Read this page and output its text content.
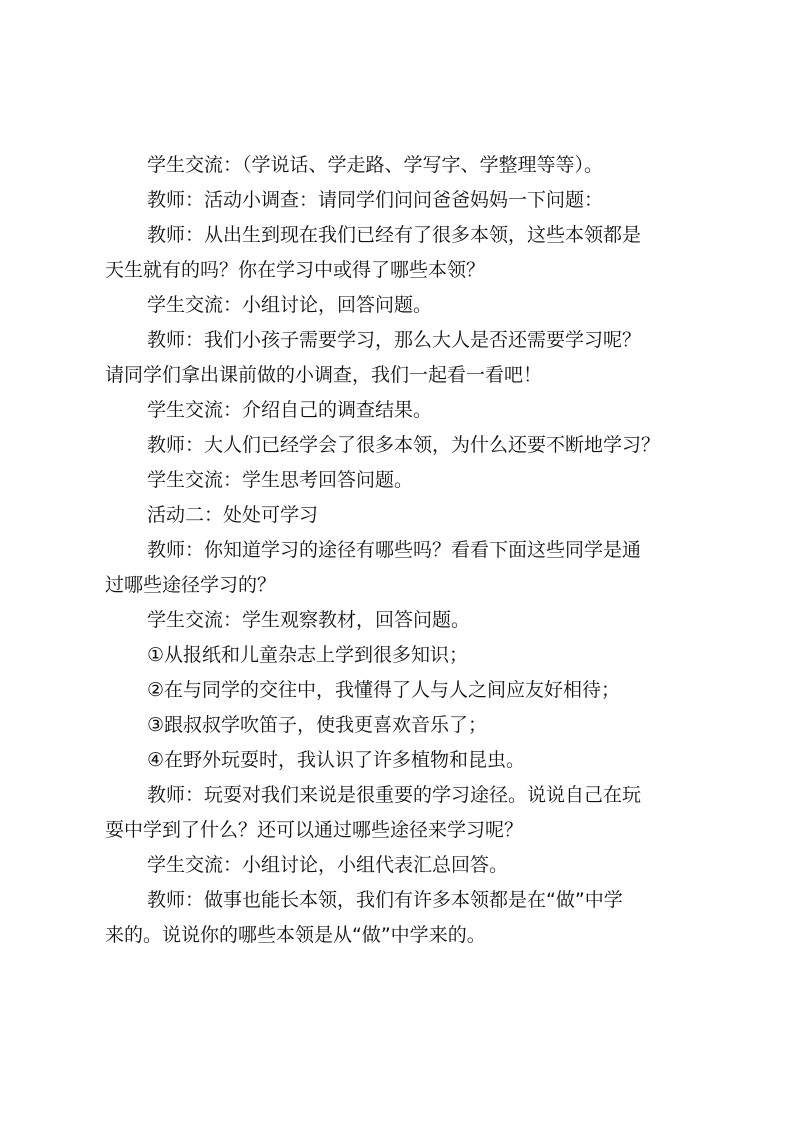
学生交流：（学说话、学走路、学写字、学整理等等）。
教师：活动小调查：请同学们问问爸爸妈妈一下问题：
教师：从出生到现在我们已经有了很多本领，这些本领都是
天生就有的吗？你在学习中或得了哪些本领？
学生交流：小组讨论，回答问题。
教师：我们小孩子需要学习，那么大人是否还需要学习呢？
请同学们拿出课前做的小调查，我们一起看一看吧！
学生交流：介绍自己的调查结果。
教师：大人们已经学会了很多本领，为什么还要不断地学习？
学生交流：学生思考回答问题。
活动二：处处可学习
教师：你知道学习的途径有哪些吗？看看下面这些同学是通
过哪些途径学习的？
学生交流：学生观察教材，回答问题。
①从报纸和儿童杂志上学到很多知识；
②在与同学的交往中，我懂得了人与人之间应友好相待；
③跟叔叔学吹笛子，使我更喜欢音乐了；
④在野外玩耍时，我认识了许多植物和昆虫。
教师：玩耍对我们来说是很重要的学习途径。说说自己在玩
耍中学到了什么？还可以通过哪些途径来学习呢？
学生交流：小组讨论，小组代表汇总回答。
教师：做事也能长本领，我们有许多本领都是在“做”中学
来的。说说你的哪些本领是从“做”中学来的。
